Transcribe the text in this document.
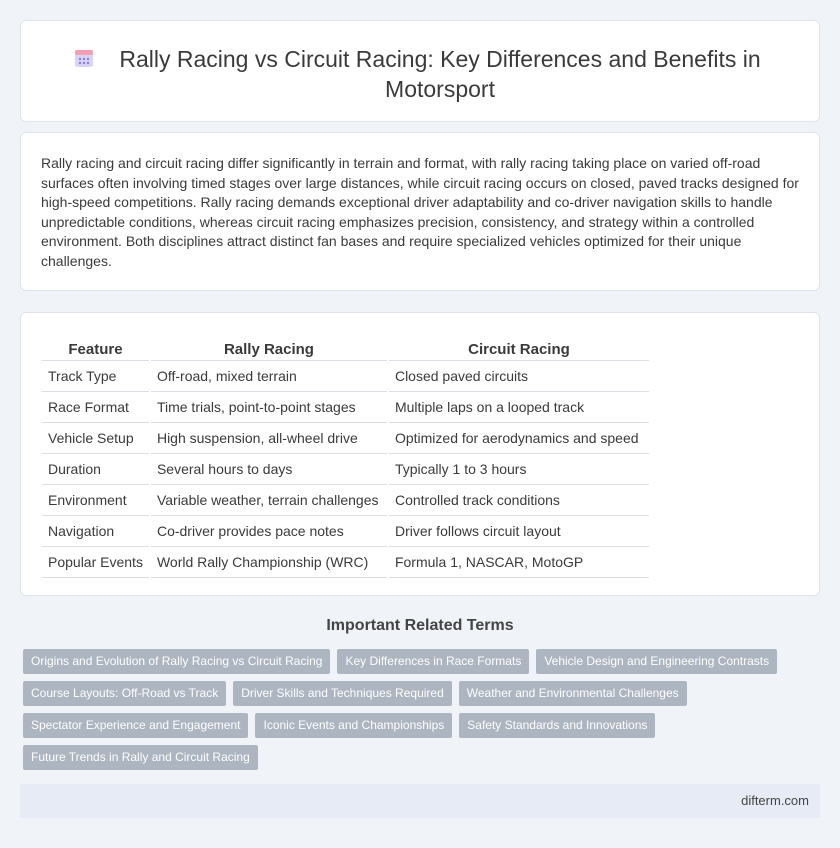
Rally Racing vs Circuit Racing: Key Differences and Benefits in Motorsport

Rally racing and circuit racing differ significantly in terrain and format, with rally racing taking place on varied off-road surfaces often involving timed stages over large distances, while circuit racing occurs on closed, paved tracks designed for high-speed competitions. Rally racing demands exceptional driver adaptability and co-driver navigation skills to handle unpredictable conditions, whereas circuit racing emphasizes precision, consistency, and strategy within a controlled environment. Both disciplines attract distinct fan bases and require specialized vehicles optimized for their unique challenges.

Feature	Rally Racing	Circuit Racing
Track Type	Off-road, mixed terrain	Closed paved circuits
Race Format	Time trials, point-to-point stages	Multiple laps on a looped track
Vehicle Setup	High suspension, all-wheel drive	Optimized for aerodynamics and speed
Duration	Several hours to days	Typically 1 to 3 hours
Environment	Variable weather, terrain challenges	Controlled track conditions
Navigation	Co-driver provides pace notes	Driver follows circuit layout
Popular Events	World Rally Championship (WRC)	Formula 1, NASCAR, MotoGP
Important Related Terms
Origins and Evolution of Rally Racing vs Circuit Racing Key Differences in Race Formats Vehicle Design and Engineering Contrasts
Course Layouts: Off-Road vs Track Driver Skills and Techniques Required Weather and Environmental Challenges
Spectator Experience and Engagement Iconic Events and Championships Safety Standards and Innovations
Future Trends in Rally and Circuit Racing
difterm.com
